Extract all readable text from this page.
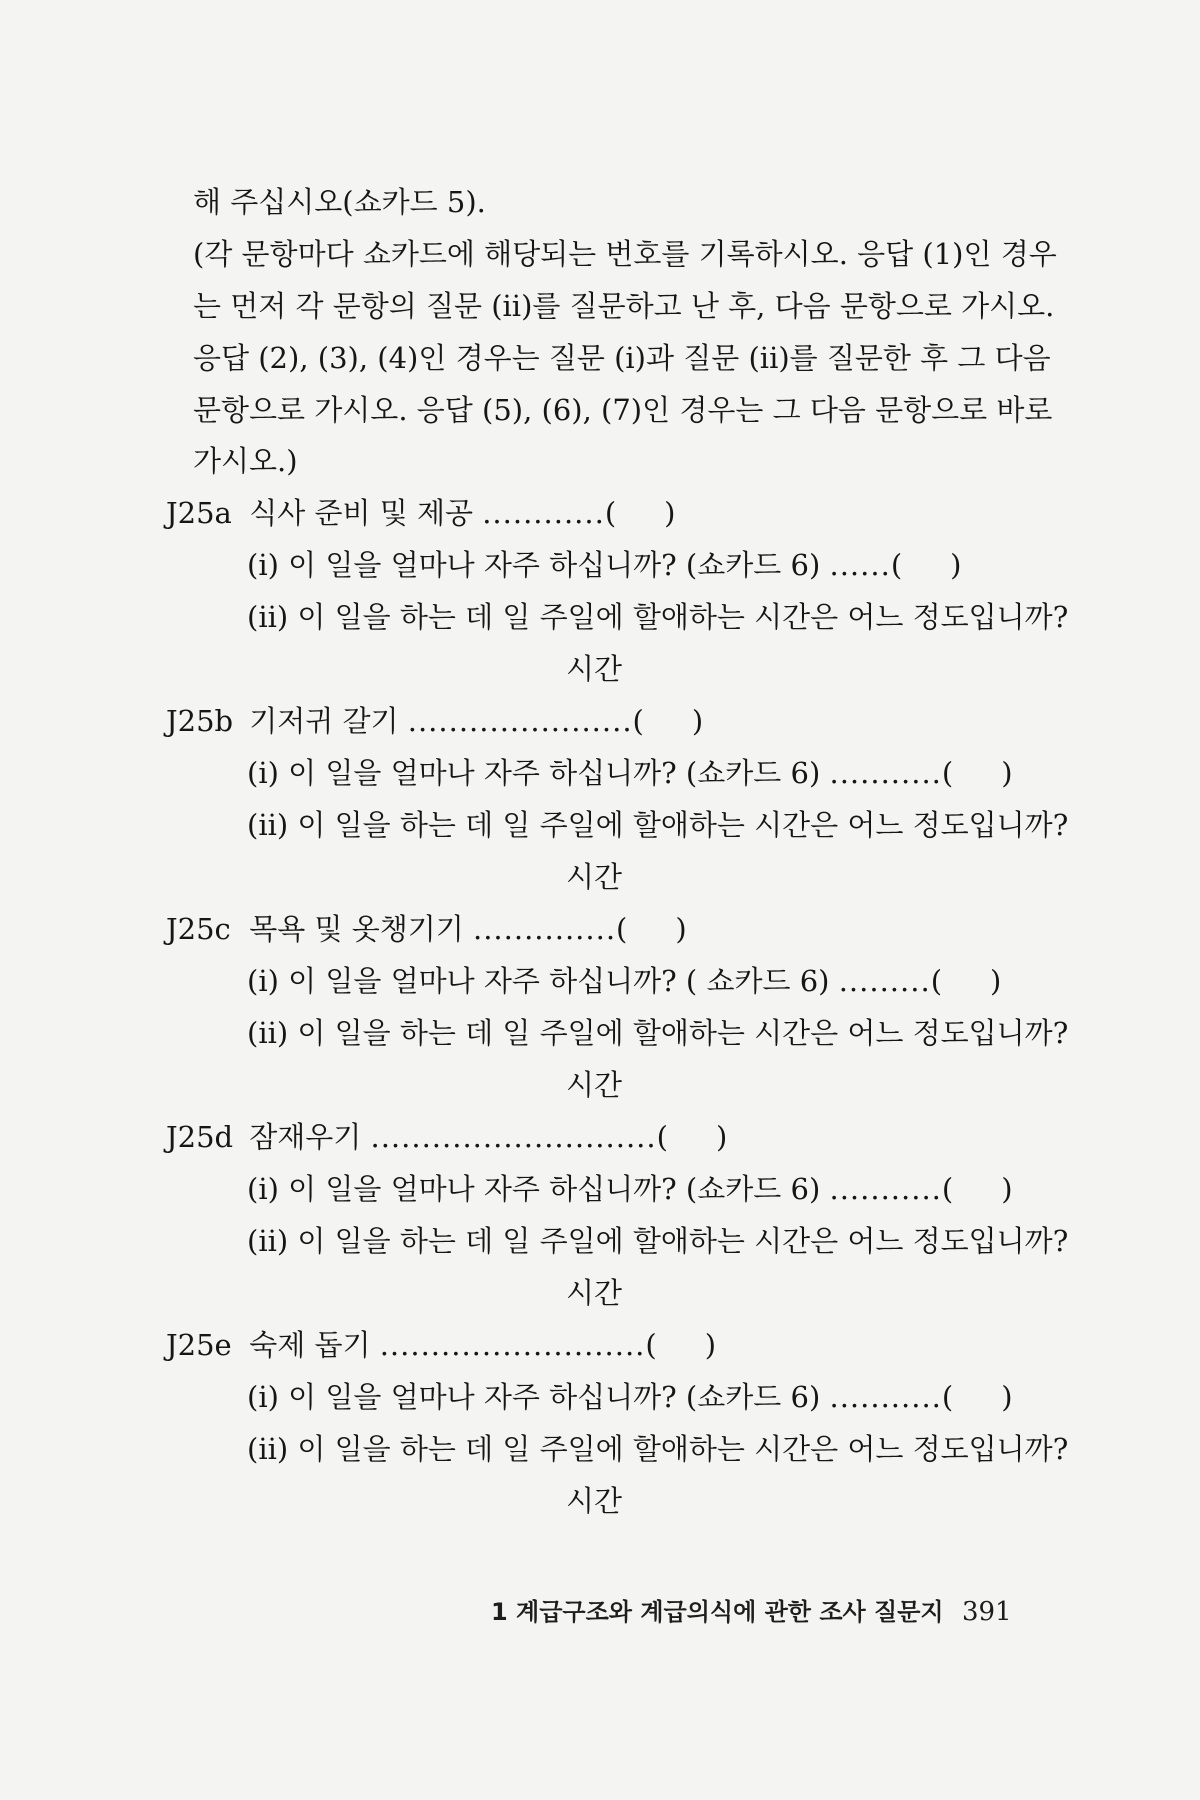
해 주십시오(쇼카드 5).
(각 문항마다 쇼카드에 해당되는 번호를 기록하시오. 응답 (1)인 경우
는 먼저 각 문항의 질문 (ii)를 질문하고 난 후, 다음 문항으로 가시오.
응답 (2), (3), (4)인 경우는 질문 (i)과 질문 (ii)를 질문한 후 그 다음
문항으로 가시오. 응답 (5), (6), (7)인 경우는 그 다음 문항으로 바로
가시오.)
J25a 식사 준비 및 제공 ............( )
(i) 이 일을 얼마나 자주 하십니까? (쇼카드 6) ......( )
(ii) 이 일을 하는 데 일 주일에 할애하는 시간은 어느 정도입니까?
시간
J25b 기저귀 갈기 ......................( )
(i) 이 일을 얼마나 자주 하십니까? (쇼카드 6) ...........( )
(ii) 이 일을 하는 데 일 주일에 할애하는 시간은 어느 정도입니까?
시간
J25c 목욕 및 옷챙기기 ..............( )
(i) 이 일을 얼마나 자주 하십니까? ( 쇼카드 6) .........( )
(ii) 이 일을 하는 데 일 주일에 할애하는 시간은 어느 정도입니까?
시간
J25d 잠재우기 ............................( )
(i) 이 일을 얼마나 자주 하십니까? (쇼카드 6) ...........( )
(ii) 이 일을 하는 데 일 주일에 할애하는 시간은 어느 정도입니까?
시간
J25e 숙제 돕기 ..........................( )
(i) 이 일을 얼마나 자주 하십니까? (쇼카드 6) ...........( )
(ii) 이 일을 하는 데 일 주일에 할애하는 시간은 어느 정도입니까?
시간
1 계급구조와 계급의식에 관한 조사 질문지 391
